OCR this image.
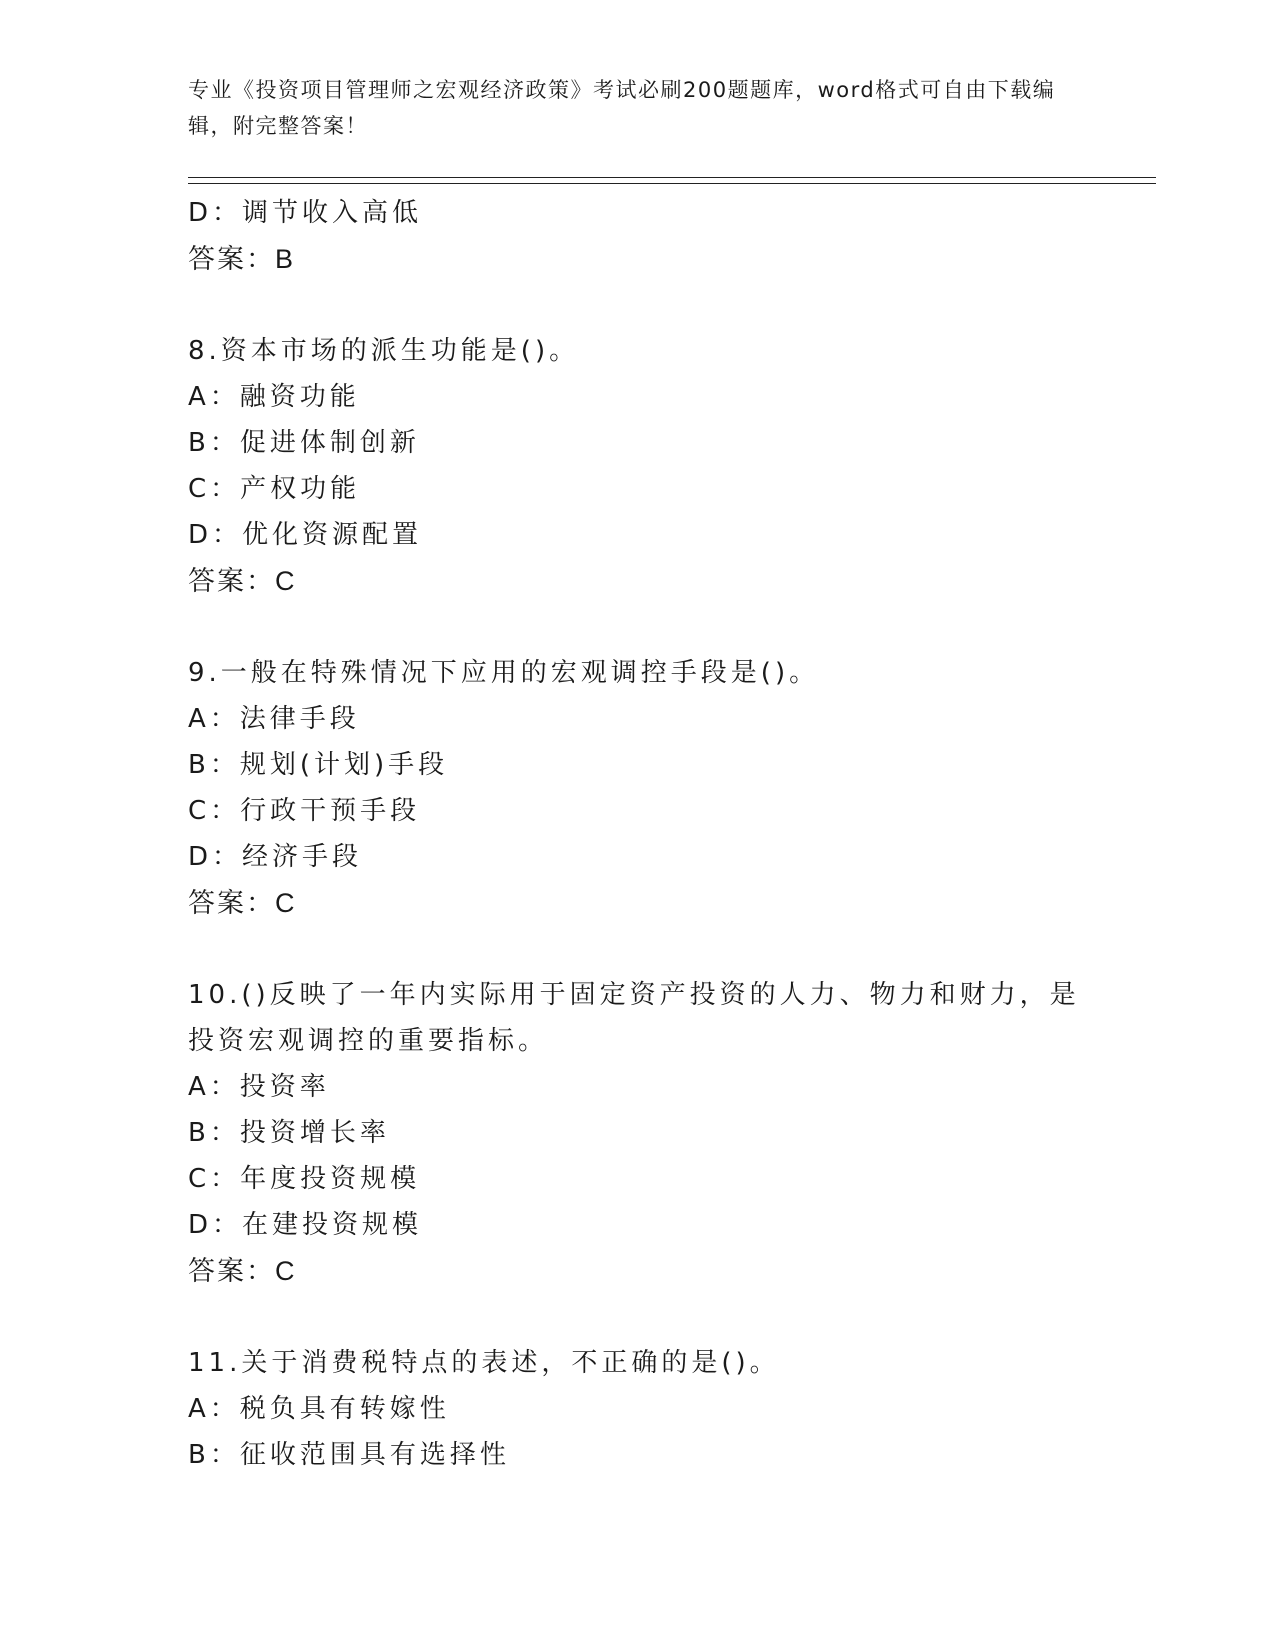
专业《投资项目管理师之宏观经济政策》考试必刷200题题库，word格式可自由下载编辑，附完整答案！
D：调节收入高低
答案：B
8.资本市场的派生功能是()。
A：融资功能
B：促进体制创新
C：产权功能
D：优化资源配置
答案：C
9.一般在特殊情况下应用的宏观调控手段是()。
A：法律手段
B：规划(计划)手段
C：行政干预手段
D：经济手段
答案：C
10.()反映了一年内实际用于固定资产投资的人力、物力和财力，是投资宏观调控的重要指标。
A：投资率
B：投资增长率
C：年度投资规模
D：在建投资规模
答案：C
11.关于消费税特点的表述，不正确的是()。
A：税负具有转嫁性
B：征收范围具有选择性
